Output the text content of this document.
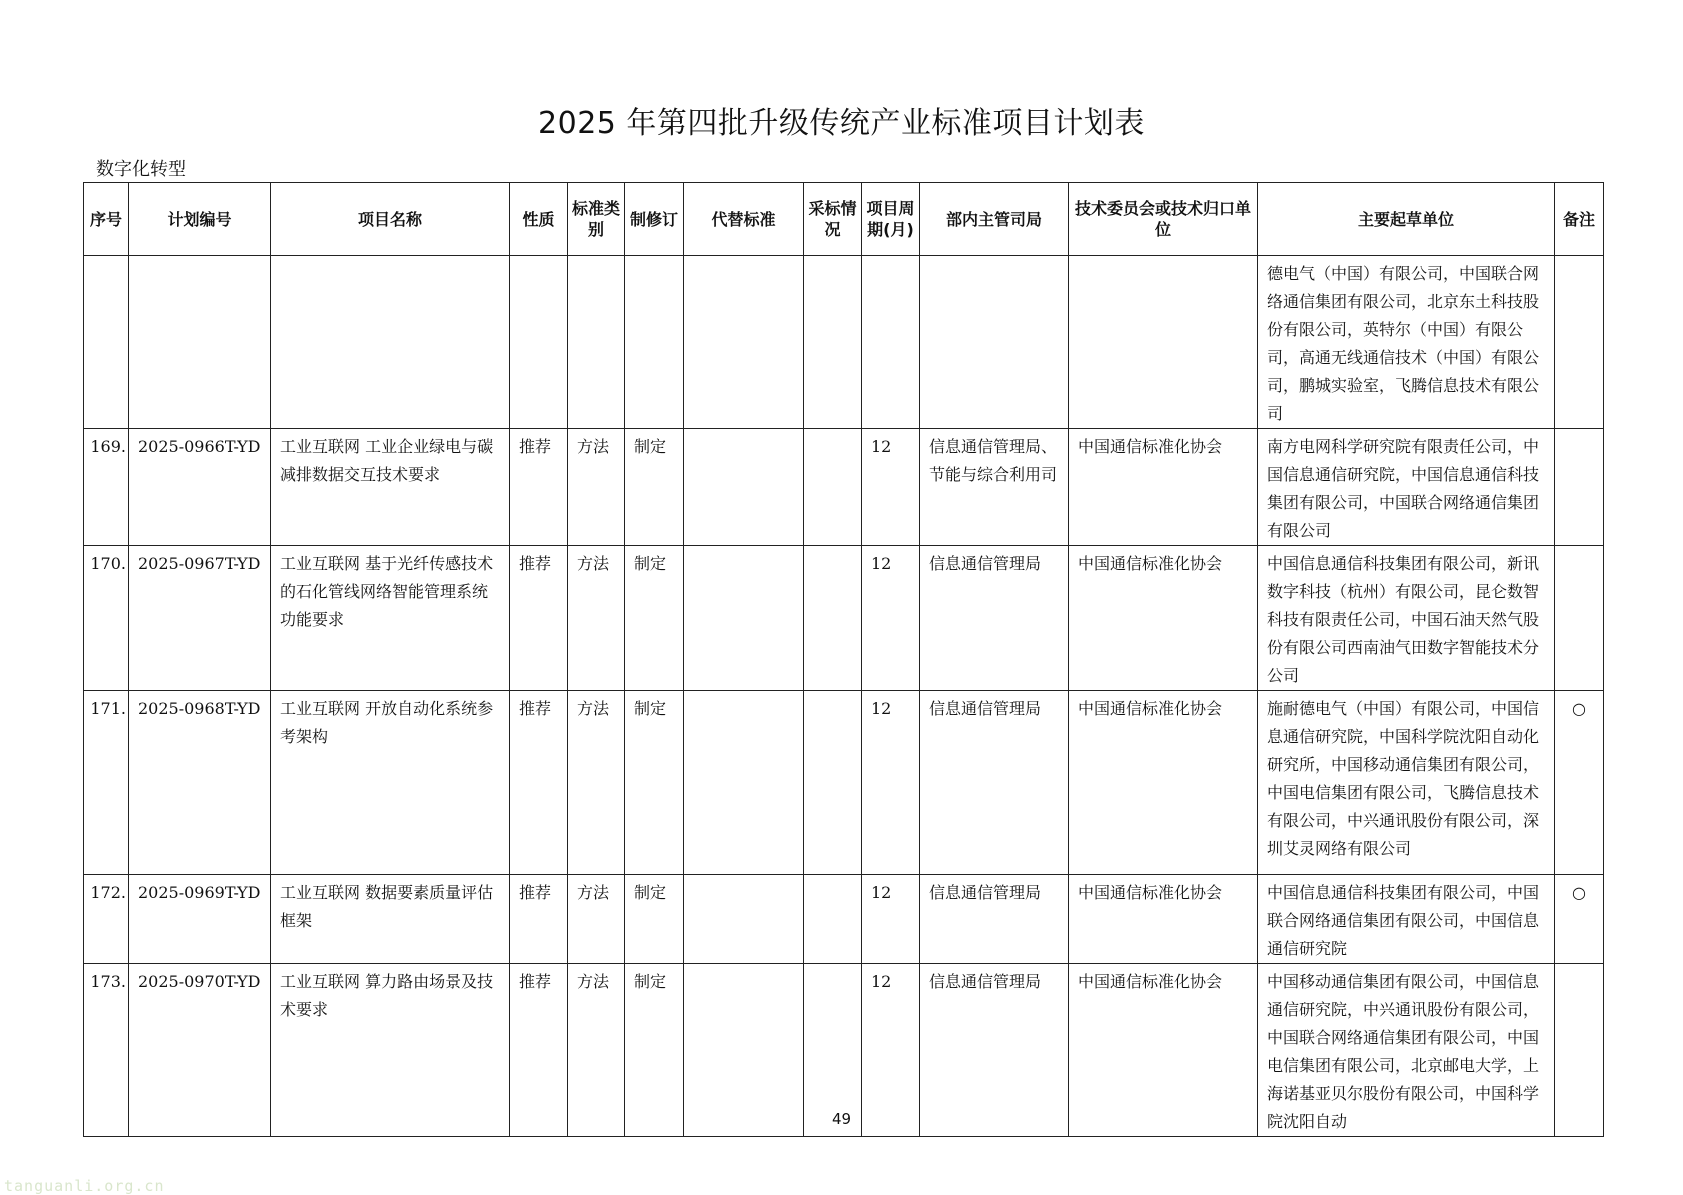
2025 年第四批升级传统产业标准项目计划表
数字化转型
序号	计划编号	项目名称	性质	标准类别	制修订	代替标准	采标情况	项目周期(月)	部内主管司局	技术委员会或技术归口单位	主要起草单位	备注
											德电气（中国）有限公司，中国联合网络通信集团有限公司，北京东土科技股份有限公司，英特尔（中国）有限公司，高通无线通信技术（中国）有限公司，鹏城实验室，飞腾信息技术有限公司	
169.	2025-0966T-YD	工业互联网 工业企业绿电与碳减排数据交互技术要求	推荐	方法	制定			12	信息通信管理局、节能与综合利用司	中国通信标准化协会	南方电网科学研究院有限责任公司，中国信息通信研究院，中国信息通信科技集团有限公司，中国联合网络通信集团有限公司	
170.	2025-0967T-YD	工业互联网 基于光纤传感技术的石化管线网络智能管理系统功能要求	推荐	方法	制定			12	信息通信管理局	中国通信标准化协会	中国信息通信科技集团有限公司，新讯数字科技（杭州）有限公司，昆仑数智科技有限责任公司，中国石油天然气股份有限公司西南油气田数字智能技术分公司	
171.	2025-0968T-YD	工业互联网 开放自动化系统参考架构	推荐	方法	制定			12	信息通信管理局	中国通信标准化协会	施耐德电气（中国）有限公司，中国信息通信研究院，中国科学院沈阳自动化研究所，中国移动通信集团有限公司，中国电信集团有限公司，飞腾信息技术有限公司，中兴通讯股份有限公司，深圳艾灵网络有限公司	○
172.	2025-0969T-YD	工业互联网 数据要素质量评估框架	推荐	方法	制定			12	信息通信管理局	中国通信标准化协会	中国信息通信科技集团有限公司，中国联合网络通信集团有限公司，中国信息通信研究院	○
173.	2025-0970T-YD	工业互联网 算力路由场景及技术要求	推荐	方法	制定			12	信息通信管理局	中国通信标准化协会	中国移动通信集团有限公司，中国信息通信研究院，中兴通讯股份有限公司，中国联合网络通信集团有限公司，中国电信集团有限公司，北京邮电大学，上海诺基亚贝尔股份有限公司，中国科学院沈阳自动	
49
tanguanli.org.cn
